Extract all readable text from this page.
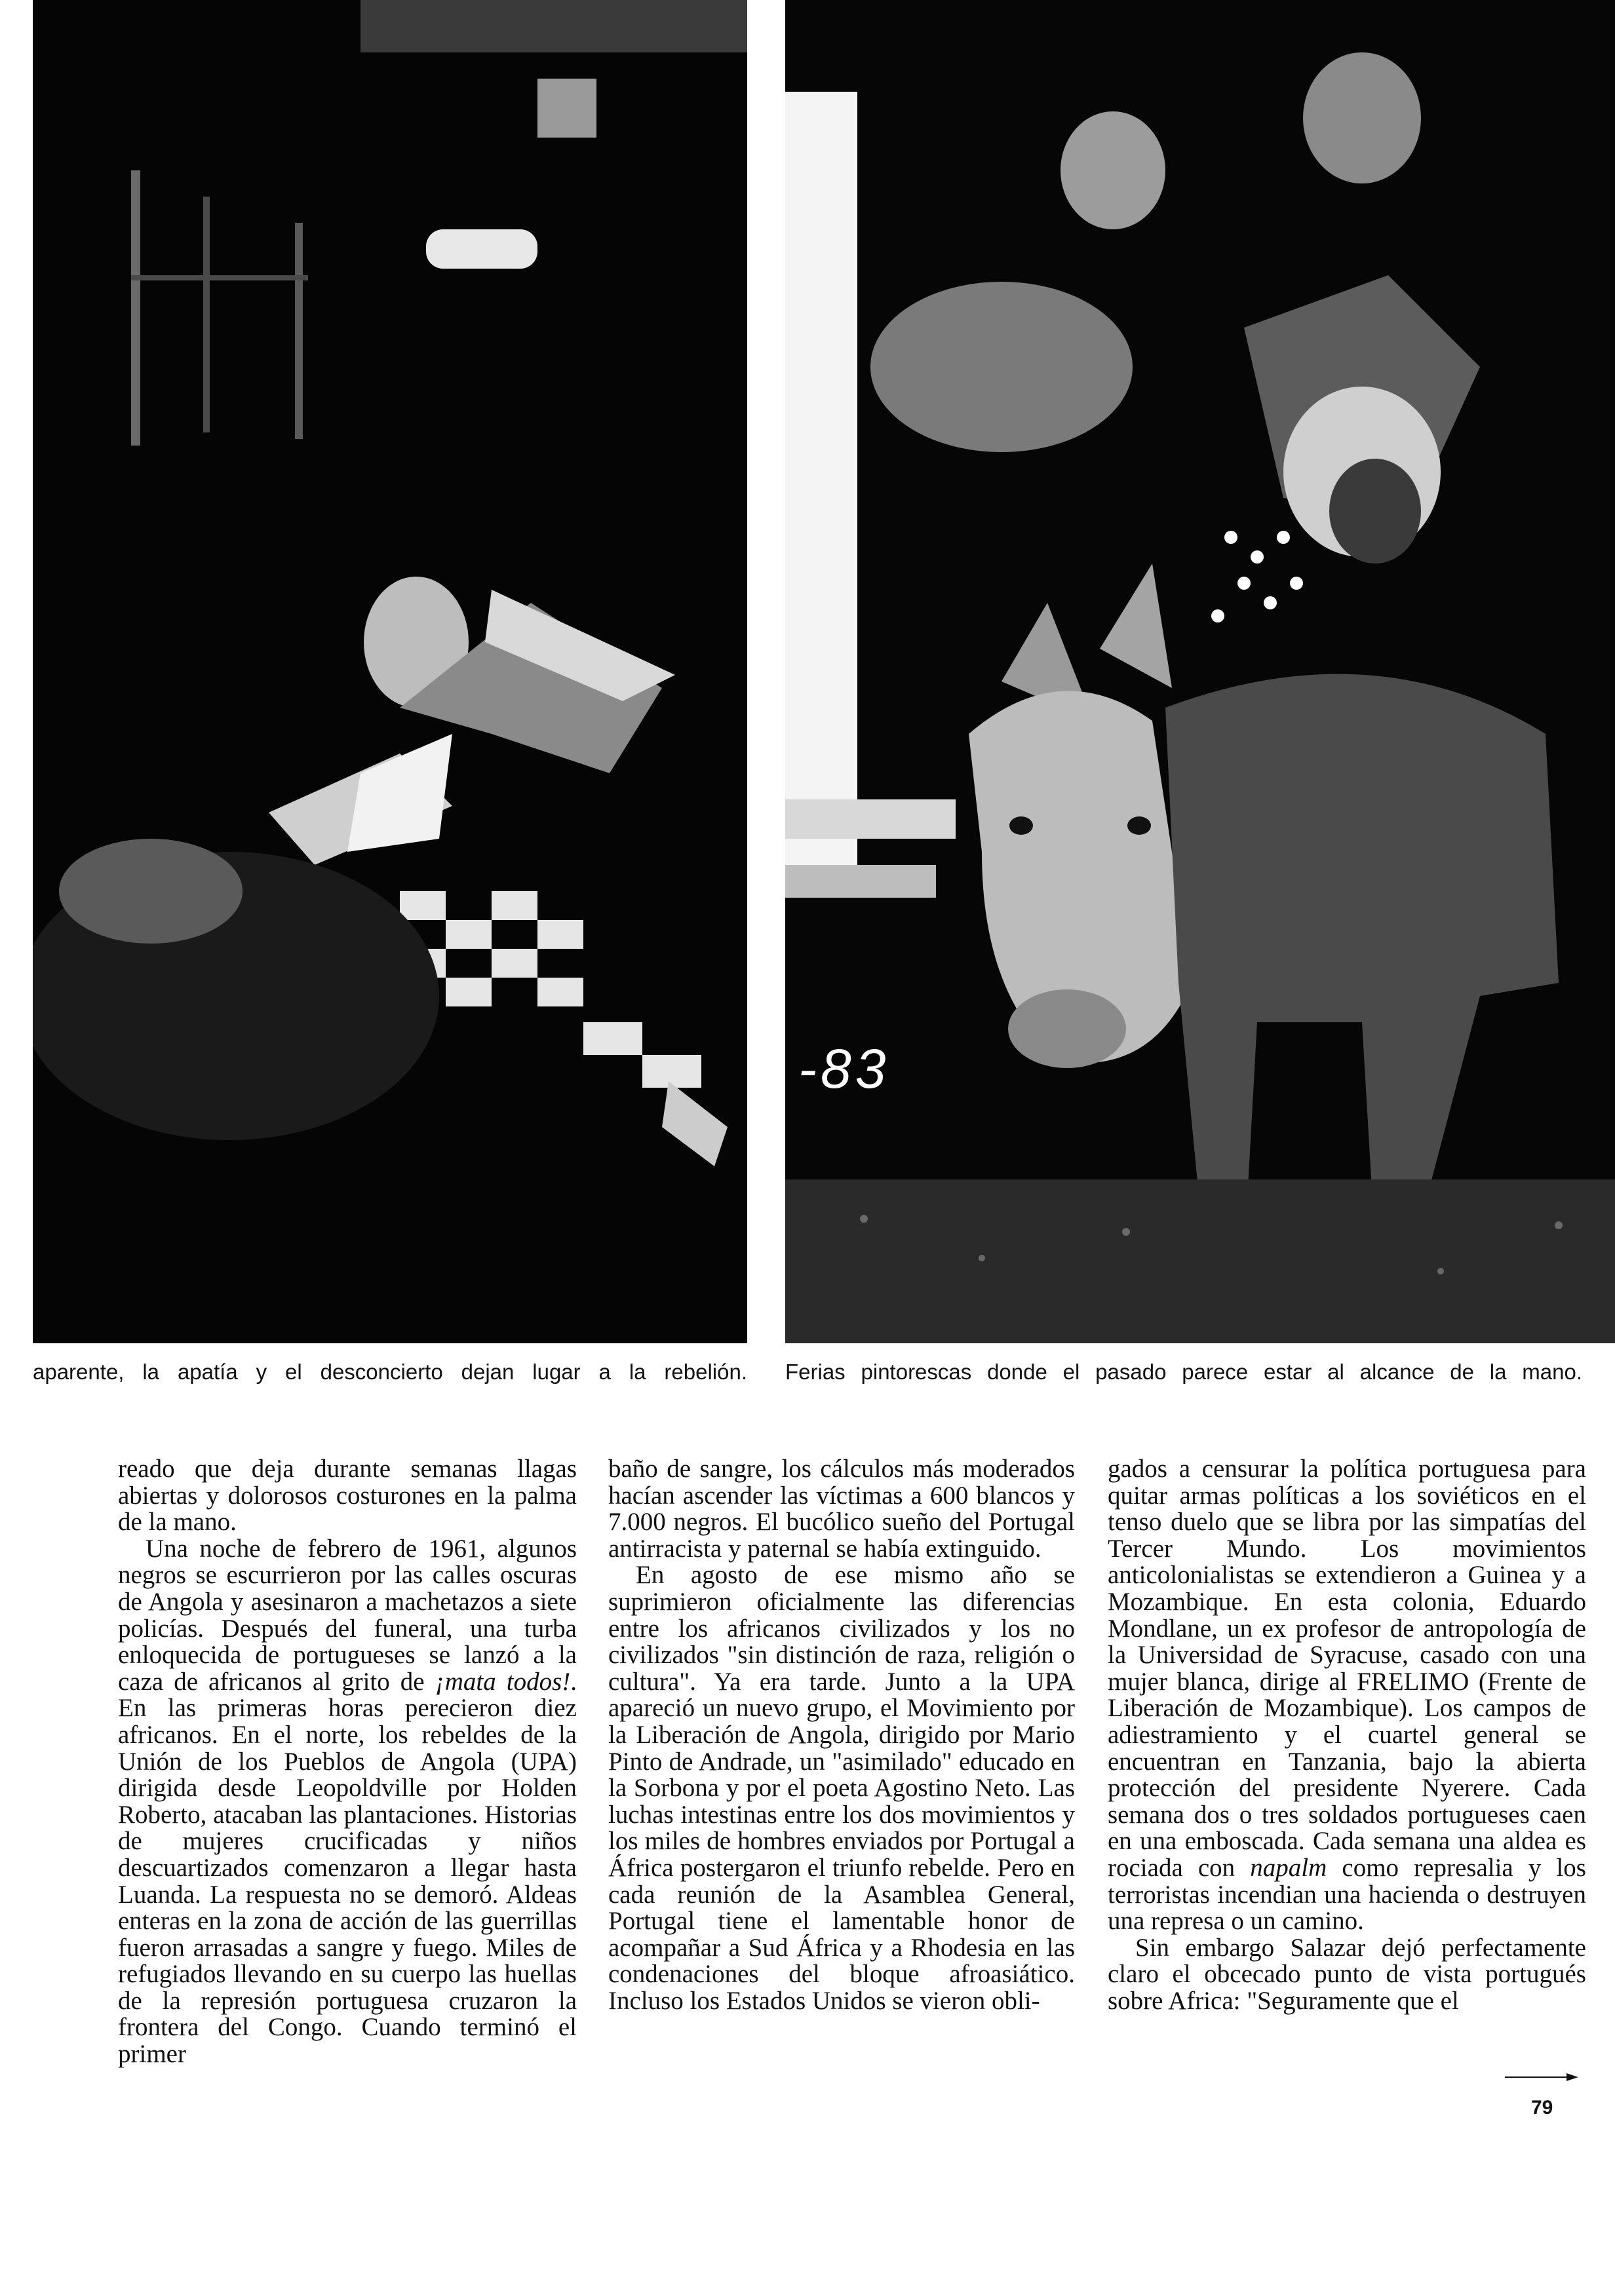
-83
aparente, la apatía y el desconcierto dejan lugar a la rebelión. Ferias pintorescas donde el pasado parece estar al alcance de la mano.

reado que deja durante semanas llagas abiertas y dolorosos costurones en la palma de la mano.

Una noche de febrero de 1961, algunos negros se escurrieron por las calles oscuras de Angola y asesinaron a machetazos a siete policías. Después del funeral, una turba enloquecida de portugueses se lanzó a la caza de africanos al grito de ¡mata todos!. En las primeras horas perecieron diez africanos. En el norte, los rebeldes de la Unión de los Pueblos de Angola (UPA) dirigida desde Leopoldville por Holden Roberto, atacaban las plantaciones. Historias de mujeres crucificadas y niños descuartizados comenzaron a llegar hasta Luanda. La respuesta no se demoró. Aldeas enteras en la zona de acción de las guerrillas fueron arrasadas a sangre y fuego. Miles de refugiados llevando en su cuerpo las huellas de la represión portuguesa cruzaron la frontera del Congo. Cuando terminó el primer

baño de sangre, los cálculos más moderados hacían ascender las víctimas a 600 blancos y 7.000 negros. El bucólico sueño del Portugal antirracista y paternal se había extinguido.

En agosto de ese mismo año se suprimieron oficialmente las diferencias entre los africanos civilizados y los no civilizados "sin distinción de raza, religión o cultura". Ya era tarde. Junto a la UPA apareció un nuevo grupo, el Movimiento por la Liberación de Angola, dirigido por Mario Pinto de Andrade, un "asimilado" educado en la Sorbona y por el poeta Agostino Neto. Las luchas intestinas entre los dos movimientos y los miles de hombres enviados por Portugal a África postergaron el triunfo rebelde. Pero en cada reunión de la Asamblea General, Portugal tiene el lamentable honor de acompañar a Sud África y a Rhodesia en las condenaciones del bloque afroasiático. Incluso los Estados Unidos se vieron obli-

gados a censurar la política portuguesa para quitar armas políticas a los soviéticos en el tenso duelo que se libra por las simpatías del Tercer Mundo. Los movimientos anticolonialistas se extendieron a Guinea y a Mozambique. En esta colonia, Eduardo Mondlane, un ex profesor de antropología de la Universidad de Syracuse, casado con una mujer blanca, dirige al FRELIMO (Frente de Liberación de Mozambique). Los campos de adiestramiento y el cuartel general se encuentran en Tanzania, bajo la abierta protección del presidente Nyerere. Cada semana dos o tres soldados portugueses caen en una emboscada. Cada semana una aldea es rociada con napalm como represalia y los terroristas incendian una hacienda o destruyen una represa o un camino.

Sin embargo Salazar dejó perfectamente claro el obcecado punto de vista portugués sobre Africa: "Seguramente que el

79
